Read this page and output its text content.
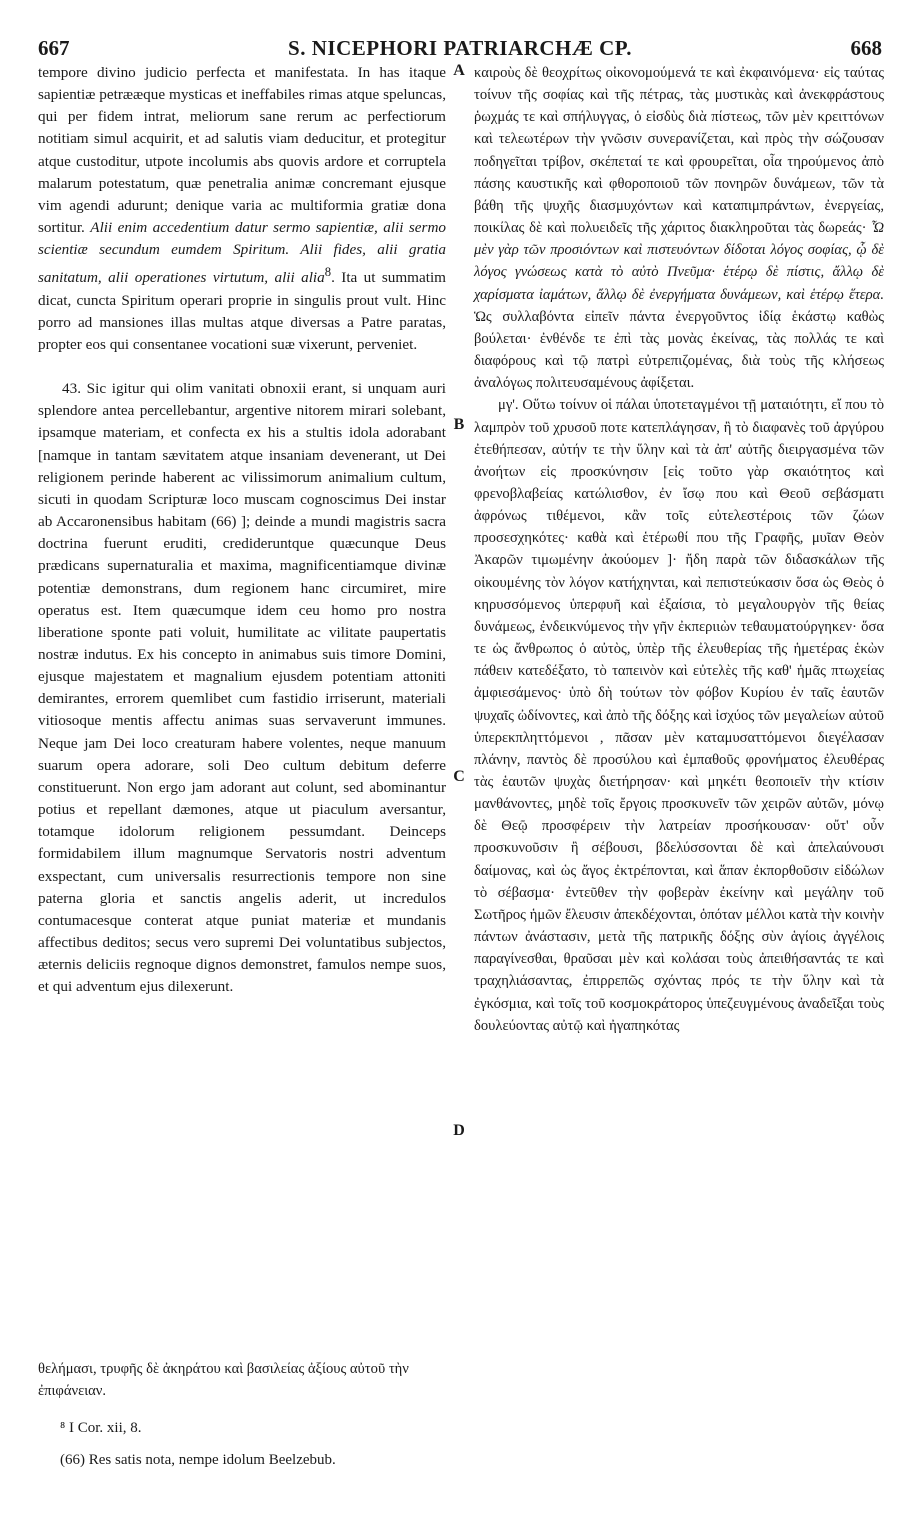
667	S. NICEPHORI PATRIARCHÆ CP.	668

tempore divino judicio perfecta et manifestata. In has itaque sapientiæ petrææque mysticas et ineffabiles rimas atque speluncas, qui per fidem intrat, meliorum sane rerum ac perfectiorum notitiam simul acquirit, et ad salutis viam deducitur, et protegitur atque custoditur, utpote incolumis abs quovis ardore et corruptela malarum potestatum, quæ penetralia animæ concremant ejusque vim agendi adurunt; denique varia ac multiformia gratiæ dona sortitur. Alii enim accedentium datur sermo sapientiæ, alii sermo scientiæ secundum eumdem Spiritum. Alii fides, alii gratia sanitatum, alii operationes virtutum, alii alia$^8$. Ita ut summatim dicat, cuncta Spiritum operari proprie in singulis prout vult. Hinc porro ad mansiones illas multas atque diversas a Patre paratas, propter eos qui consentanee vocationi suæ vixerunt, perveniet.

43. Sic igitur qui olim vanitati obnoxii erant, si unquam auri splendore antea percellebantur, argentive nitorem mirari solebant, ipsamque materiam, et confecta ex his a stultis idola adorabant [namque in tantam sævitatem atque insaniam devenerant, ut Dei religionem perinde haberent ac vilissimorum animalium cultum, sicuti in quodam Scripturæ loco muscam cognoscimus Dei instar ab Accaronensibus habitam (66) ]; deinde a mundi magistris sacra doctrina fuerunt eruditi, credideruntque quæcunque Deus prædicans supernaturalia et maxima, magnificentiamque divinæ potentiæ demonstrans, dum regionem hanc circumiret, mire operatus est. Item quæcumque idem ceu homo pro nostra liberatione sponte pati voluit, humilitate ac vilitate paupertatis nostræ indutus. Ex his concepto in animabus suis timore Domini, ejusque majestatem et magnalium ejusdem potentiam attoniti demirantes, errorem quemlibet cum fastidio irriserunt, materiali vitiosoque mentis affectu animas suas servaverunt immunes. Neque jam Dei loco creaturam habere volentes, neque manuum suarum opera adorare, soli Deo cultum debitum deferre constituerunt. Non ergo jam adorant aut colunt, sed abominantur potius et repellant dæmones, atque ut piaculum aversantur, totamque idolorum religionem pessumdant. Deinceps formidabilem illum magnumque Servatoris nostri adventum exspectant, cum universalis resurrectionis tempore non sine paterna gloria et sanctis angelis aderit, ut incredulos contumacesque conterat atque puniat materiæ et mundanis affectibus deditos; secus vero supremi Dei voluntatibus subjectos, æternis deliciis regnoque dignos demonstret, famulos nempe suos, et qui adventum ejus dilexerunt.

A
B
C
D

καιροὺς δὲ θεοχρίτως οἰκονομούμενά τε καὶ ἐκφαινόμενα· εἰς ταύτας τοίνυν τῆς σοφίας καὶ τῆς πέτρας, τὰς μυστικὰς καὶ ἀνεκφράστους ῥωχμάς τε καὶ σπήλυγγας, ὁ εἰσδὺς διὰ πίστεως, τῶν μὲν κρειττόνων καὶ τελεωτέρων τὴν γνῶσιν συνερανίζεται, καὶ πρὸς τὴν σώζουσαν ποδηγεῖται τρίβον, σκέπεταί τε καὶ φρουρεῖται, οἷα τηρούμενος ἀπὸ πάσης καυστικῆς καὶ φθοροποιοῦ τῶν πονηρῶν δυνάμεων, τῶν τὰ βάθη τῆς ψυχῆς διασμυχόντων καὶ καταπιμπράντων, ἐνεργείας, ποικίλας δὲ καὶ πολυειδεῖς τῆς χάριτος διακληροῦται τὰς δωρεάς· Ὧ μὲν γὰρ τῶν προσιόντων καὶ πιστευόντων δίδοται λόγος σοφίας, ᾧ δὲ λόγος γνώσεως κατὰ τὸ αὐτὸ Πνεῦμα· ἑτέρῳ δὲ πίστις, ἄλλῳ δὲ χαρίσματα ἰαμάτων, ἄλλῳ δὲ ἐνεργήματα δυνάμεων, καὶ ἑτέρῳ ἕτερα. Ὡς συλλαβόντα εἰπεῖν πάντα ἐνεργοῦντος ἰδίᾳ ἑκάστῳ καθὼς βούλεται· ἐνθένδε τε ἐπὶ τὰς μονὰς ἐκείνας, τὰς πολλάς τε καὶ διαφόρους καὶ τῷ πατρὶ εὐτρεπιζομένας, διὰ τοὺς τῆς κλήσεως ἀναλόγως πολιτευσαμένους ἀφίξεται.

μγ'. Οὕτω τοίνυν οἱ πάλαι ὑποτεταγμένοι τῇ ματαιότητι, εἴ που τὸ λαμπρὸν τοῦ χρυσοῦ ποτε κατεπλάγησαν, ἢ τὸ διαφανὲς τοῦ ἀργύρου ἐτεθήπεσαν, αὐτήν τε τὴν ὕλην καὶ τὰ ἀπ' αὐτῆς διειργασμένα τῶν ἀνοήτων εἰς προσκύνησιν [εἰς τοῦτο γὰρ σκαιότητος καὶ φρενοβλαβείας κατώλισθον, ἐν ἴσῳ που καὶ Θεοῦ σεβάσματι ἀφρόνως τιθέμενοι, κἂν τοῖς εὐτελεστέροις τῶν ζώων προσεσχηκότες· καθὰ καὶ ἑτέρωθί που τῆς Γραφῆς, μυῖαν Θεὸν Ἀκαρῶν τιμωμένην ἀκούομεν ]· ἤδη παρὰ τῶν διδασκάλων τῆς οἰκουμένης τὸν λόγον κατήχηνται, καὶ πεπιστεύκασιν ὅσα ὡς Θεὸς ὁ κηρυσσόμενος ὑπερφυῆ καὶ ἐξαίσια, τὸ μεγαλουργὸν τῆς θείας δυνάμεως, ἐνδεικνύμενος τὴν γῆν ἐκπεριιὼν τεθαυματούργηκεν· ὅσα τε ὡς ἄνθρωπος ὁ αὐτὸς, ὑπὲρ τῆς ἐλευθερίας τῆς ἡμετέρας ἑκὼν πάθειν κατεδέξατο, τὸ ταπεινὸν καὶ εὐτελὲς τῆς καθ' ἡμᾶς πτωχείας ἀμφιεσάμενος· ὑπὸ δὴ τούτων τὸν φόβον Κυρίου ἐν ταῖς ἑαυτῶν ψυχαῖς ὠδίνοντες, καὶ ἀπὸ τῆς δόξης καὶ ἰσχύος τῶν μεγαλείων αὐτοῦ ὑπερεκπληττόμενοι , πᾶσαν μὲν καταμυσαττόμενοι διεγέλασαν πλάνην, παντὸς δὲ προσύλου καὶ ἐμπαθοῦς φρονήματος ἐλευθέρας τὰς ἑαυτῶν ψυχὰς διετήρησαν· καὶ μηκέτι θεοποιεῖν τὴν κτίσιν μανθάνοντες, μηδὲ τοῖς ἔργοις προσκυνεῖν τῶν χειρῶν αὐτῶν, μόνῳ δὲ Θεῷ προσφέρειν τὴν λατρείαν προσήκουσαν· οὔτ' οὖν προσκυνοῦσιν ἢ σέβουσι, βδελύσσονται δὲ καὶ ἀπελαύνουσι δαίμονας, καὶ ὡς ἄγος ἐκτρέπονται, καὶ ἅπαν ἐκπορθοῦσιν εἰδώλων τὸ σέβασμα· ἐντεῦθεν τὴν φοβερὰν ἐκείνην καὶ μεγάλην τοῦ Σωτῆρος ἡμῶν ἔλευσιν ἀπεκδέχονται, ὁπόταν μέλλοι κατὰ τὴν κοινὴν πάντων ἀνάστασιν, μετὰ τῆς πατρικῆς δόξης σὺν ἁγίοις ἀγγέλοις παραγίνεσθαι, θραῦσαι μὲν καὶ κολάσαι τοὺς ἀπειθήσαντάς τε καὶ τραχηλιάσαντας, ἐπιρρεπῶς σχόντας πρός τε τὴν ὕλην καὶ τὰ ἐγκόσμια, καὶ τοῖς τοῦ κοσμοκράτορος ὑπεζευγμένους ἀναδεῖξαι τοὺς δουλεύοντας αὐτῷ καὶ ἠγαπηκότας

θελήμασι, τρυφῆς δὲ ἀκηράτου καὶ βασιλείας ἀξίους αὐτοῦ τὴν ἐπιφάνειαν.

⁸ I Cor. xii, 8.

(66) Res satis nota, nempe idolum Beelzebub.
